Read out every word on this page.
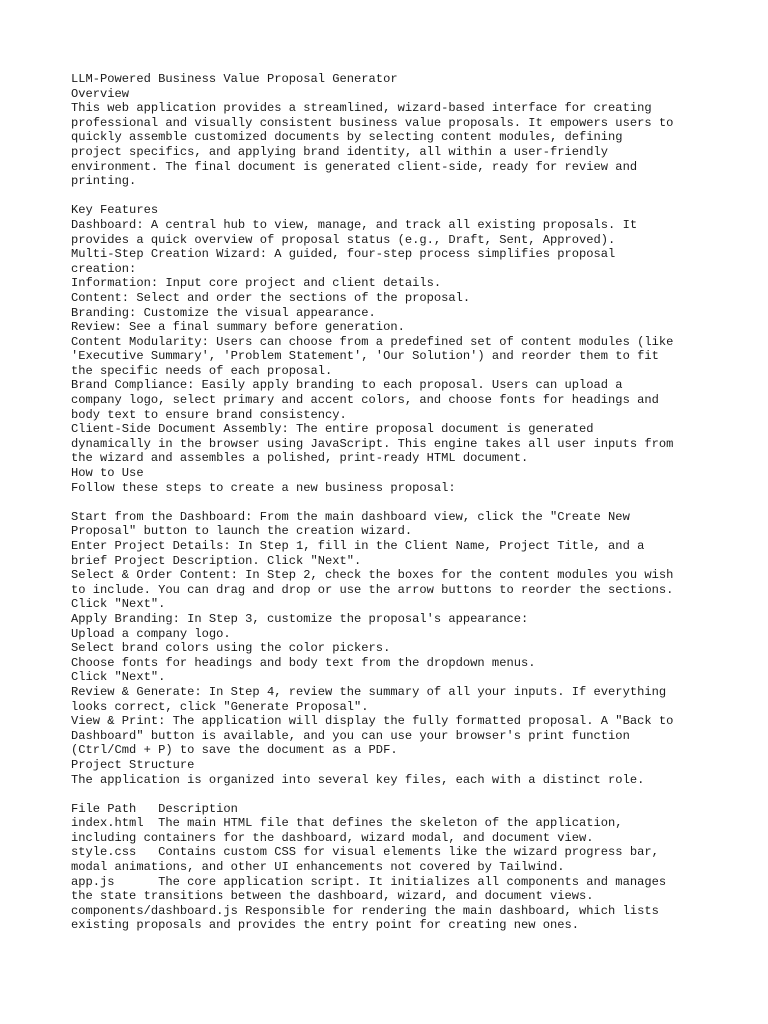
LLM-Powered Business Value Proposal Generator
Overview
This web application provides a streamlined, wizard-based interface for creating
professional and visually consistent business value proposals. It empowers users to
quickly assemble customized documents by selecting content modules, defining
project specifics, and applying brand identity, all within a user-friendly
environment. The final document is generated client-side, ready for review and
printing.
Key Features
Dashboard: A central hub to view, manage, and track all existing proposals. It
provides a quick overview of proposal status (e.g., Draft, Sent, Approved).
Multi-Step Creation Wizard: A guided, four-step process simplifies proposal
creation:
Information: Input core project and client details.
Content: Select and order the sections of the proposal.
Branding: Customize the visual appearance.
Review: See a final summary before generation.
Content Modularity: Users can choose from a predefined set of content modules (like
'Executive Summary', 'Problem Statement', 'Our Solution') and reorder them to fit
the specific needs of each proposal.
Brand Compliance: Easily apply branding to each proposal. Users can upload a
company logo, select primary and accent colors, and choose fonts for headings and
body text to ensure brand consistency.
Client-Side Document Assembly: The entire proposal document is generated
dynamically in the browser using JavaScript. This engine takes all user inputs from
the wizard and assembles a polished, print-ready HTML document.
How to Use
Follow these steps to create a new business proposal:
Start from the Dashboard: From the main dashboard view, click the "Create New
Proposal" button to launch the creation wizard.
Enter Project Details: In Step 1, fill in the Client Name, Project Title, and a
brief Project Description. Click "Next".
Select & Order Content: In Step 2, check the boxes for the content modules you wish
to include. You can drag and drop or use the arrow buttons to reorder the sections.
Click "Next".
Apply Branding: In Step 3, customize the proposal's appearance:
Upload a company logo.
Select brand colors using the color pickers.
Choose fonts for headings and body text from the dropdown menus.
Click "Next".
Review & Generate: In Step 4, review the summary of all your inputs. If everything
looks correct, click "Generate Proposal".
View & Print: The application will display the fully formatted proposal. A "Back to
Dashboard" button is available, and you can use your browser's print function
(Ctrl/Cmd + P) to save the document as a PDF.
Project Structure
The application is organized into several key files, each with a distinct role.
File Path   Description
index.html  The main HTML file that defines the skeleton of the application,
including containers for the dashboard, wizard modal, and document view.
style.css   Contains custom CSS for visual elements like the wizard progress bar,
modal animations, and other UI enhancements not covered by Tailwind.
app.js      The core application script. It initializes all components and manages
the state transitions between the dashboard, wizard, and document views.
components/dashboard.js Responsible for rendering the main dashboard, which lists
existing proposals and provides the entry point for creating new ones.
